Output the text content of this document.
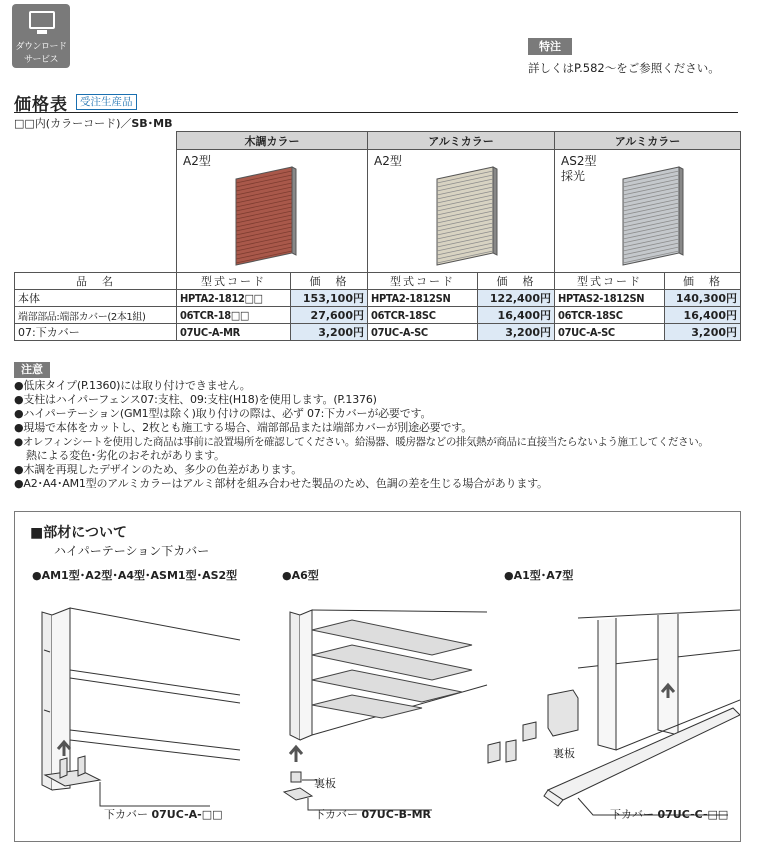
ダウンロード
サービス
特注
詳しくはP.582～をご参照ください。
価格表	受注生産品
□□内(カラーコード)／SB･MB
	木調カラー		アルミカラー		アルミカラー	

	A2型		A2型		AS2型
採光	

品　名	型式コード	価　格	型式コード	価　格	型式コード	価　格
本体	HPTA2-1812□□	153,100円	HPTA2-1812SN	122,400円	HPTAS2-1812SN	140,300円
端部部品:端部カバー(2本1組)	06TCR-18□□	27,600円	06TCR-18SC	16,400円	06TCR-18SC	16,400円
07:下カバー	07UC-A-MR	3,200円	07UC-A-SC	3,200円	07UC-A-SC	3,200円
注意
●低床タイプ(P.1360)には取り付けできません。
●支柱はハイパーフェンス07:支柱、09:支柱(H18)を使用します。(P.1376)
●ハイパーテーション(GM1型は除く)取り付けの際は、必ず 07:下カバーが必要です。
●現場で本体をカットし、2枚とも施工する場合、端部部品または端部カバーが別途必要です。
●オレフィンシートを使用した商品は事前に設置場所を確認してください。給湯器、暖房器などの排気熱が商品に直接当たらないよう施工してください。
熱による変色･劣化のおそれがあります。
●木調を再現したデザインのため、多少の色差があります。
●A2･A4･AM1型のアルミカラーはアルミ部材を組み合わせた製品のため、色調の差を生じる場合があります。
■部材について
ハイパーテーション下カバー
●AM1型･A2型･A4型･ASM1型･AS2型	●A6型	●A1型･A7型
下カバー 07UC-A-□□
裏板
下カバー 07UC-B-MR
裏板
下カバー 07UC-C-□□
